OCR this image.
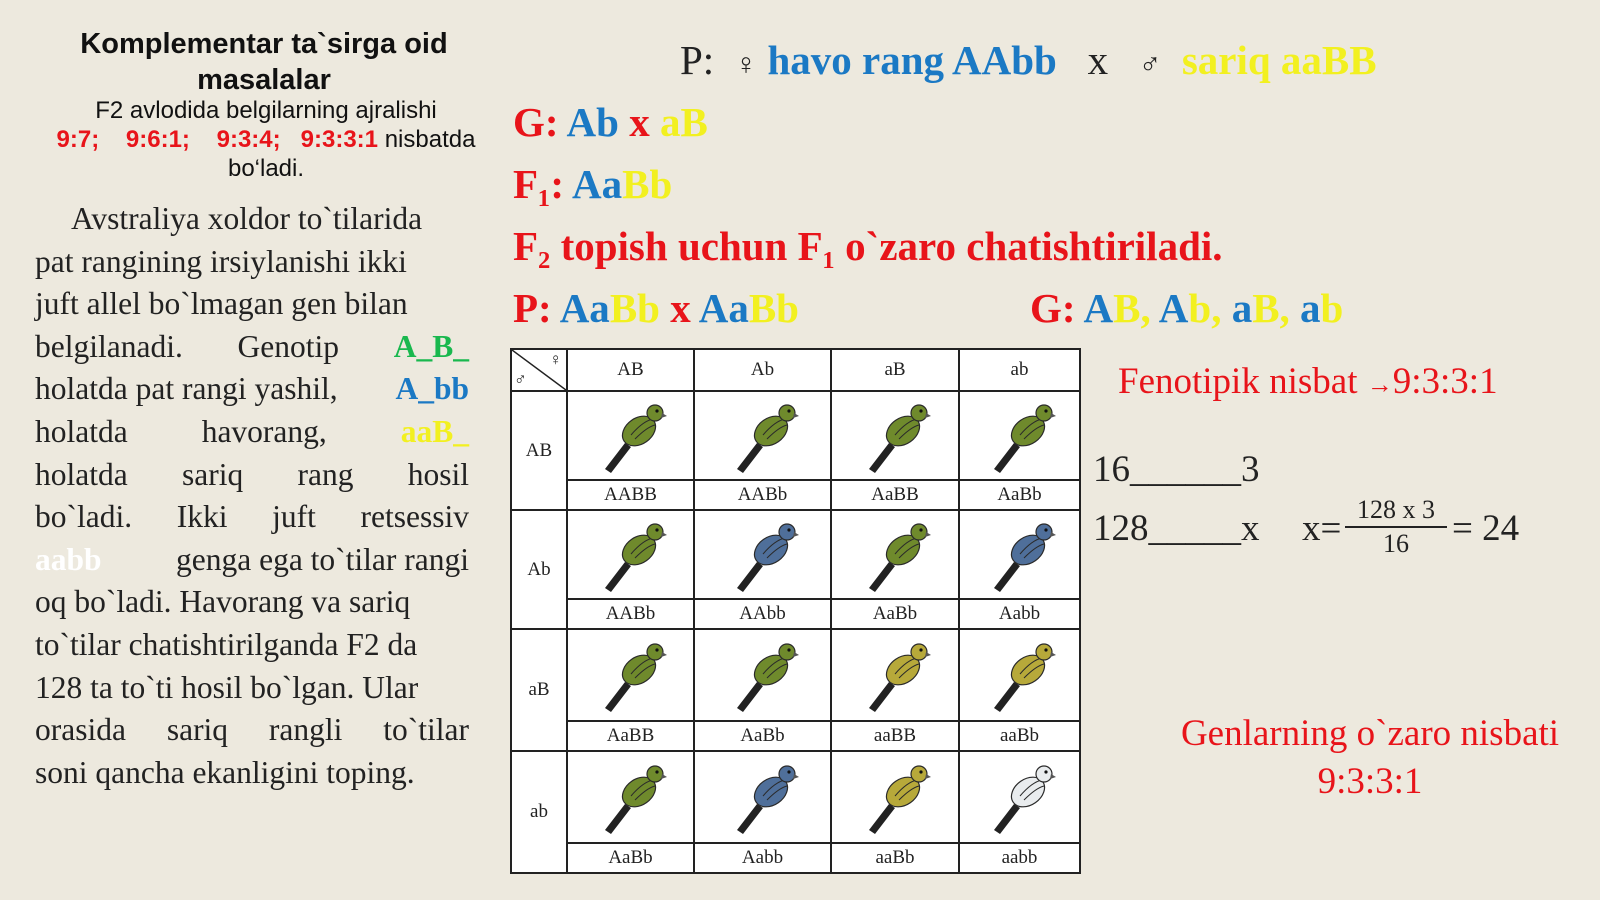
Komplementar ta`sirga oid masalalar
F2 avlodida belgilarning ajralishi
9:7; 9:6:1; 9:3:4; 9:3:3:1 nisbatda
bo‘ladi.
Avstraliya xoldor to`tilarida
pat rangining irsiylanishi ikki
juft allel bo`lmagan gen bilan
belgilanadi. Genotip A_B_
holatda pat rangi yashil, A_bb
holatda havorang, aaB_
holatda sariq rang hosil
bo`ladi. Ikki juft retsessiv
aabb genga ega to`tilar rangi
oq bo`ladi. Havorang va sariq
to`tilar chatishtirilganda F2 da
128 ta to`ti hosil bo`lgan. Ular
orasida sariq rangli to`tilar
soni qancha ekanligini toping.
P: ♀ havo rang AAbb x ♂ sariq aaBB
G: Ab x aB
F₁: AaBb
F₂ topish uchun F₁ o`zaro chatishtiriladi.
P: AaBb x AaBb	G: AB, Ab, aB, ab
♀
♂	AB	Ab	aB	ab
AB	AABB	AABb	AaBB	AaBb

Ab	AABb	AAbb	AaBb	Aabb

aB	AaBB	AaBb	aaBB	aaBb

ab	AaBb	Aabb	aaBb	aabb
Fenotipik nisbat →9:3:3:1
16______3
128_____x $x= \frac{128 x 3}{16} = 24$
Genlarning o`zaro nisbati
9:3:3:1
